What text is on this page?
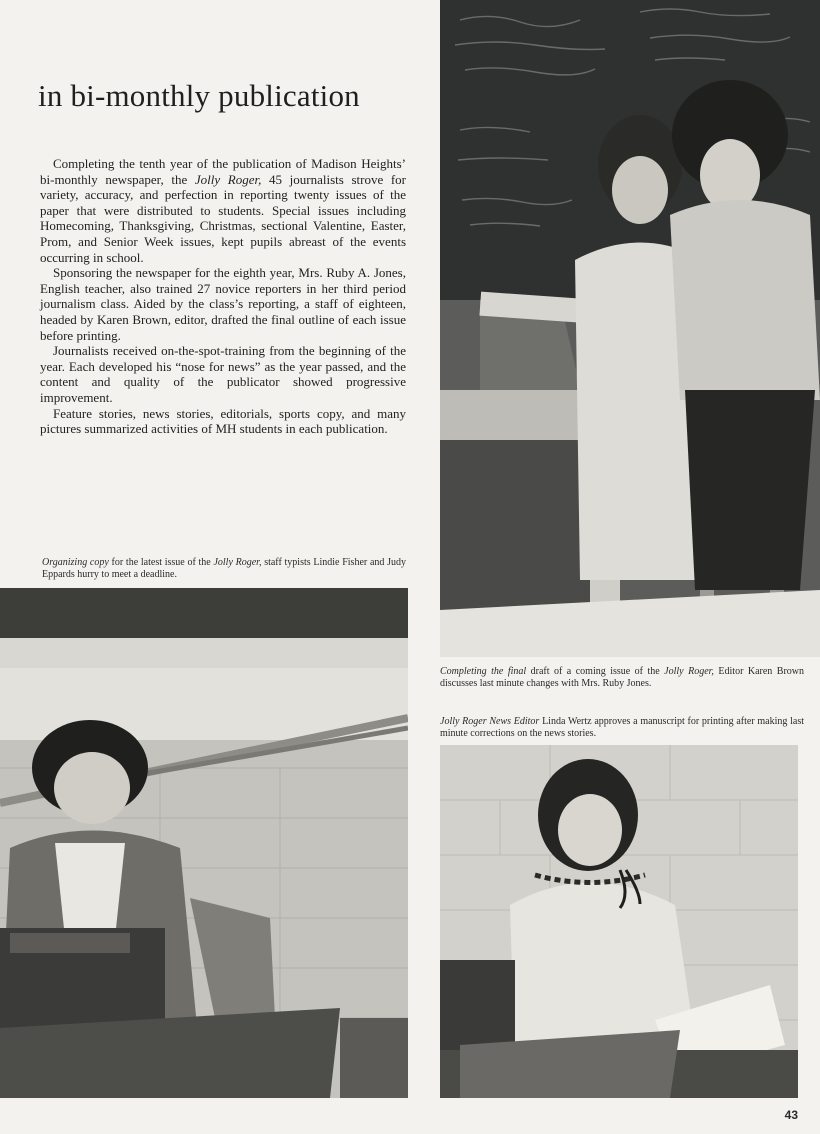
in bi-monthly publication

Completing the tenth year of the publication of Madison Heights’ bi-monthly newspaper, the Jolly Roger, 45 journalists strove for variety, accuracy, and perfection in reporting twenty issues of the paper that were distributed to students. Special issues including Homecoming, Thanksgiving, Christmas, sectional Valentine, Easter, Prom, and Senior Week issues, kept pupils abreast of the events occurring in school.

Sponsoring the newspaper for the eighth year, Mrs. Ruby A. Jones, English teacher, also trained 27 novice reporters in her third period journalism class. Aided by the class’s reporting, a staff of eighteen, headed by Karen Brown, editor, drafted the final outline of each issue before printing.

Journalists received on-the-spot-training from the beginning of the year. Each developed his “nose for news” as the year passed, and the content and quality of the publicator showed progressive improvement.

Feature stories, news stories, editorials, sports copy, and many pictures summarized activities of MH students in each publication.

Organizing copy for the latest issue of the Jolly Roger, staff typists Lindie Fisher and Judy Eppards hurry to meet a deadline.
Completing the final draft of a coming issue of the Jolly Roger, Editor Karen Brown discusses last minute changes with Mrs. Ruby Jones.
Jolly Roger News Editor Linda Wertz approves a manuscript for printing after making last minute corrections on the news stories.
43
